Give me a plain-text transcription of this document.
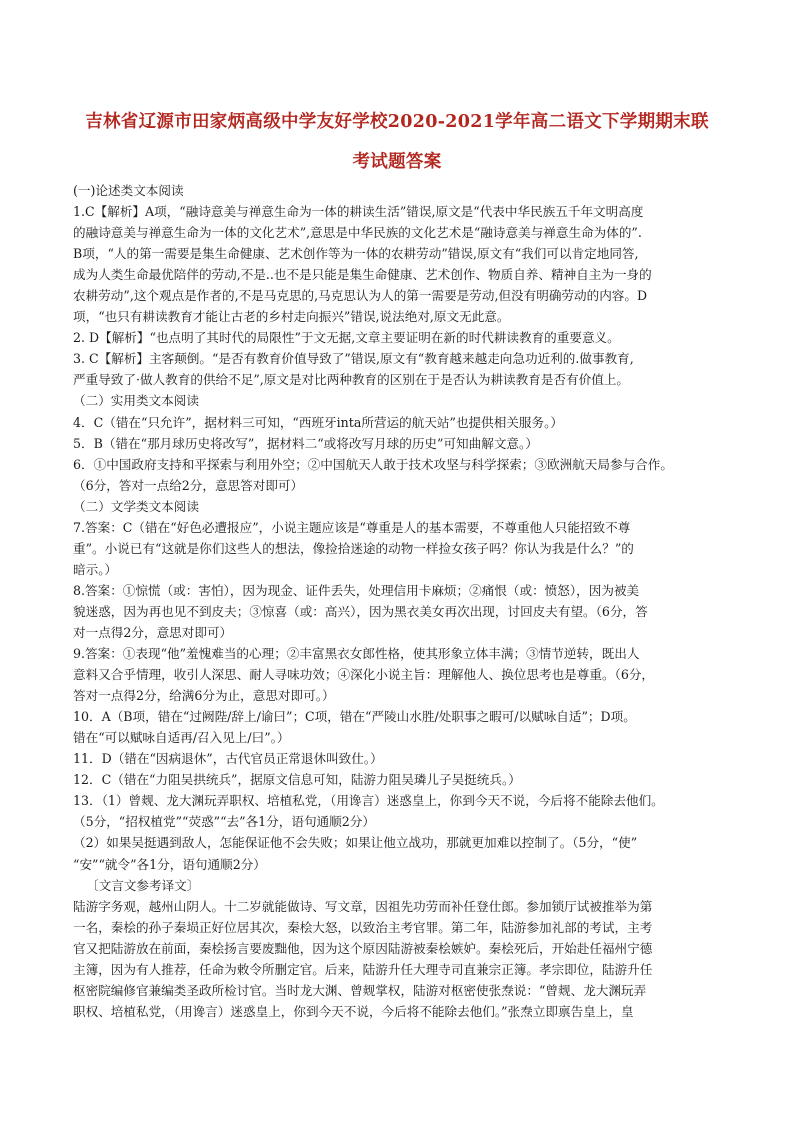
吉林省辽源市田家炳高级中学友好学校2020-2021学年高二语文下学期期末联
考试题答案

(一)论述类文本阅读

1.C【解析】A项，“融诗意美与禅意生命为一体的耕读生活”错误,原文是“代表中华民族五千年文明高度

的融诗意美与禅意生命为一体的文化艺术”,意思是中华民族的文化艺术是“融诗意美与禅意生命为体的”.

B项，“人的第一需要是集生命健康、艺术创作等为一体的农耕劳动”错误,原文有“我们可以肯定地同答,

成为人类生命最优陪伴的劳动,不是..也不是只能是集生命健康、艺术创作、物质自养、精神自主为一身的

农耕劳动”,这个观点是作者的,不是马克思的,马克思认为人的第一需要是劳动,但没有明确劳动的内容。D

项，“也只有耕读教育才能让古老的乡村走向振兴”错误,说法绝对,原文无此意。

2. D【解析】“也点明了其时代的局限性”于文无据,文章主要证明在新的时代耕读教育的重要意义。

3. C【解析】主客颠倒。“是否有教育价值导致了”错误,原文有“教育越来越走向急功近利的.做事教育,

严重导致了·做人教育的供给不足”,原文是对比两种教育的区别在于是否认为耕读教育是否有价值上。

（二）实用类文本阅读

4．C（错在“只允许”，据材料三可知，“西班牙inta所营运的航天站”也提供相关服务。）

5．B（错在“那月球历史将改写”，据材料二“或将改写月球的历史”可知曲解文意。）

6．①中国政府支持和平探索与利用外空；②中国航天人敢于技术攻坚与科学探索；③欧洲航天局参与合作。

（6分，答对一点给2分，意思答对即可）

（二）文学类文本阅读

7.答案：C（错在“好色必遭报应”，小说主题应该是“尊重是人的基本需要，不尊重他人只能招致不尊

重”。小说已有“这就是你们这些人的想法，像捡拾迷途的动物一样捡女孩子吗？你认为我是什么？”的

暗示。）

8.答案：①惊慌（或：害怕），因为现金、证件丢失，处理信用卡麻烦；②痛恨（或：愤怒），因为被美

貌迷惑，因为再也见不到皮夫；③惊喜（或：高兴），因为黑衣美女再次出现，讨回皮夫有望。（6分，答

对一点得2分，意思对即可）

9.答案：①表现“他”羞愧难当的心理；②丰富黑衣女郎性格，使其形象立体丰满；③情节逆转，既出人

意料又合乎情理，收引人深思、耐人寻味功效；④深化小说主旨：理解他人、换位思考也是尊重。（6分，

答对一点得2分，给满6分为止，意思对即可。）

10．A（B项，错在“过阙陛/辞上/谕曰”；C项，错在“严陵山水胜/处职事之暇可/以赋咏自适”；D项。

错在“可以赋咏自适再/召入见上/曰”。）

11．D（错在“因病退休”，古代官员正常退休叫致仕。）

12．C（错在“力阻吴拱统兵”，据原文信息可知，陆游力阻吴璘儿子吴挺统兵。）

13．（1）曾觌、龙大渊玩弄职权、培植私党，（用谗言）迷惑皇上，你到今天不说，今后将不能除去他们。

（5分，“招权植党”“荧惑”“去”各1分，语句通顺2分）

（2）如果吴挺遇到敌人，怎能保证他不会失败；如果让他立战功，那就更加难以控制了。（5分，“使”

“安”“就令”各1分，语句通顺2分）

〔文言文参考译文〕

陆游字务观，越州山阴人。十二岁就能做诗、写文章，因祖先功劳而补任登仕郎。参加锁厅试被推举为第

一名，秦桧的孙子秦埙正好位居其次，秦桧大怒，以致治主考官罪。第二年，陆游参加礼部的考试，主考

官又把陆游放在前面，秦桧扬言要废黜他，因为这个原因陆游被秦桧嫉妒。秦桧死后，开始赴任福州宁德

主簿，因为有人推荐，任命为敕令所删定官。后来，陆游升任大理寺司直兼宗正簿。孝宗即位，陆游升任

枢密院编修官兼编类圣政所检讨官。当时龙大渊、曾觌掌权，陆游对枢密使张焘说：“曾觌、龙大渊玩弄

职权、培植私党，（用谗言）迷惑皇上，你到今天不说，今后将不能除去他们。”张焘立即禀告皇上，皇
